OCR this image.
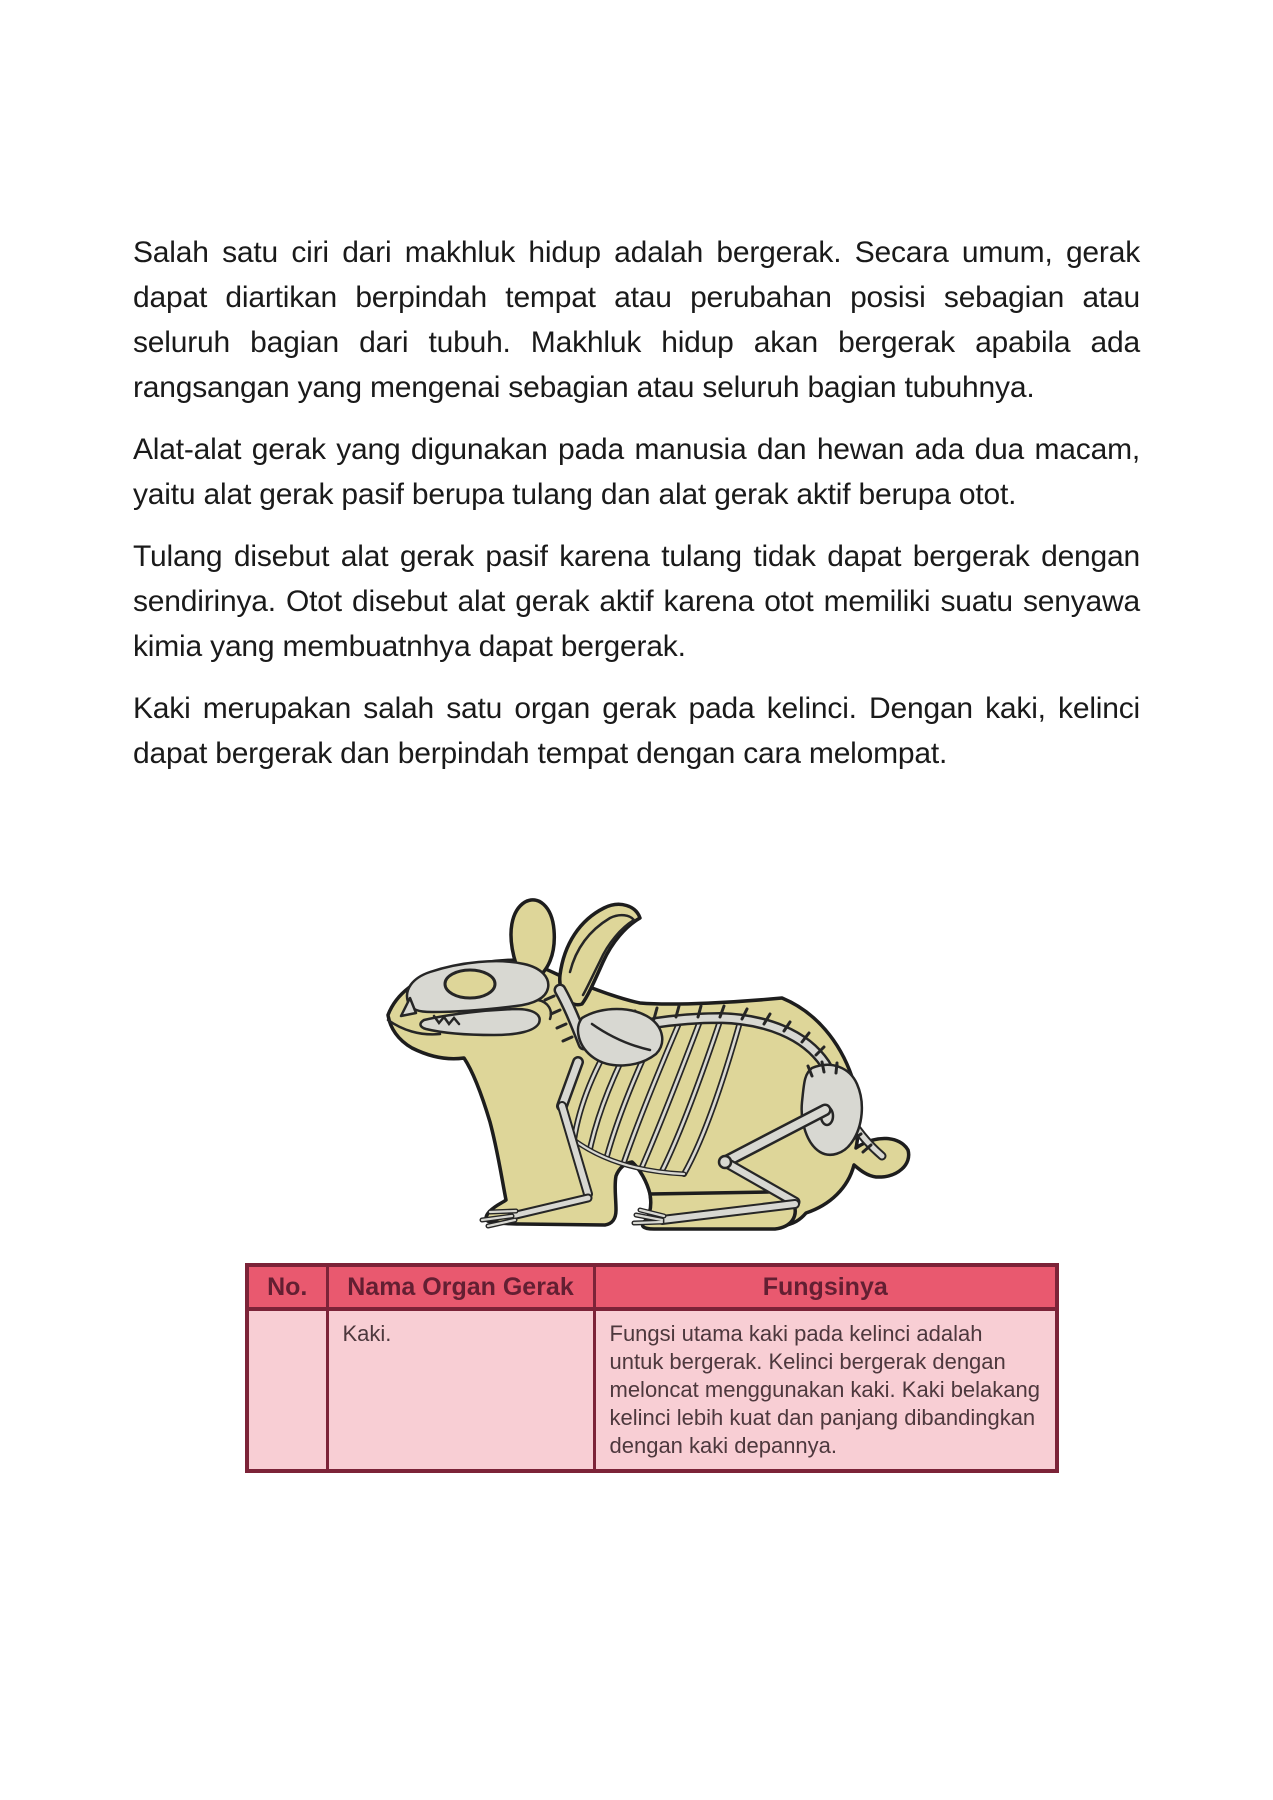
Salah satu ciri dari makhluk hidup adalah bergerak. Secara umum, gerak dapat diartikan berpindah tempat atau perubahan posisi sebagian atau seluruh bagian dari tubuh. Makhluk hidup akan bergerak apabila ada rangsangan yang mengenai sebagian atau seluruh bagian tubuhnya.

Alat-alat gerak yang digunakan pada manusia dan hewan ada dua macam, yaitu alat gerak pasif berupa tulang dan alat gerak aktif berupa otot.

Tulang disebut alat gerak pasif karena tulang tidak dapat bergerak dengan sendirinya. Otot disebut alat gerak aktif karena otot memiliki suatu senyawa kimia yang membuatnhya dapat bergerak.

Kaki merupakan salah satu organ gerak pada kelinci. Dengan kaki, kelinci dapat bergerak dan berpindah tempat dengan cara melompat.

No.	Nama Organ Gerak	Fungsinya
	Kaki.	Fungsi utama kaki pada kelinci adalah untuk bergerak. Kelinci bergerak dengan meloncat menggunakan kaki. Kaki belakang kelinci lebih kuat dan panjang dibandingkan dengan kaki depannya.
